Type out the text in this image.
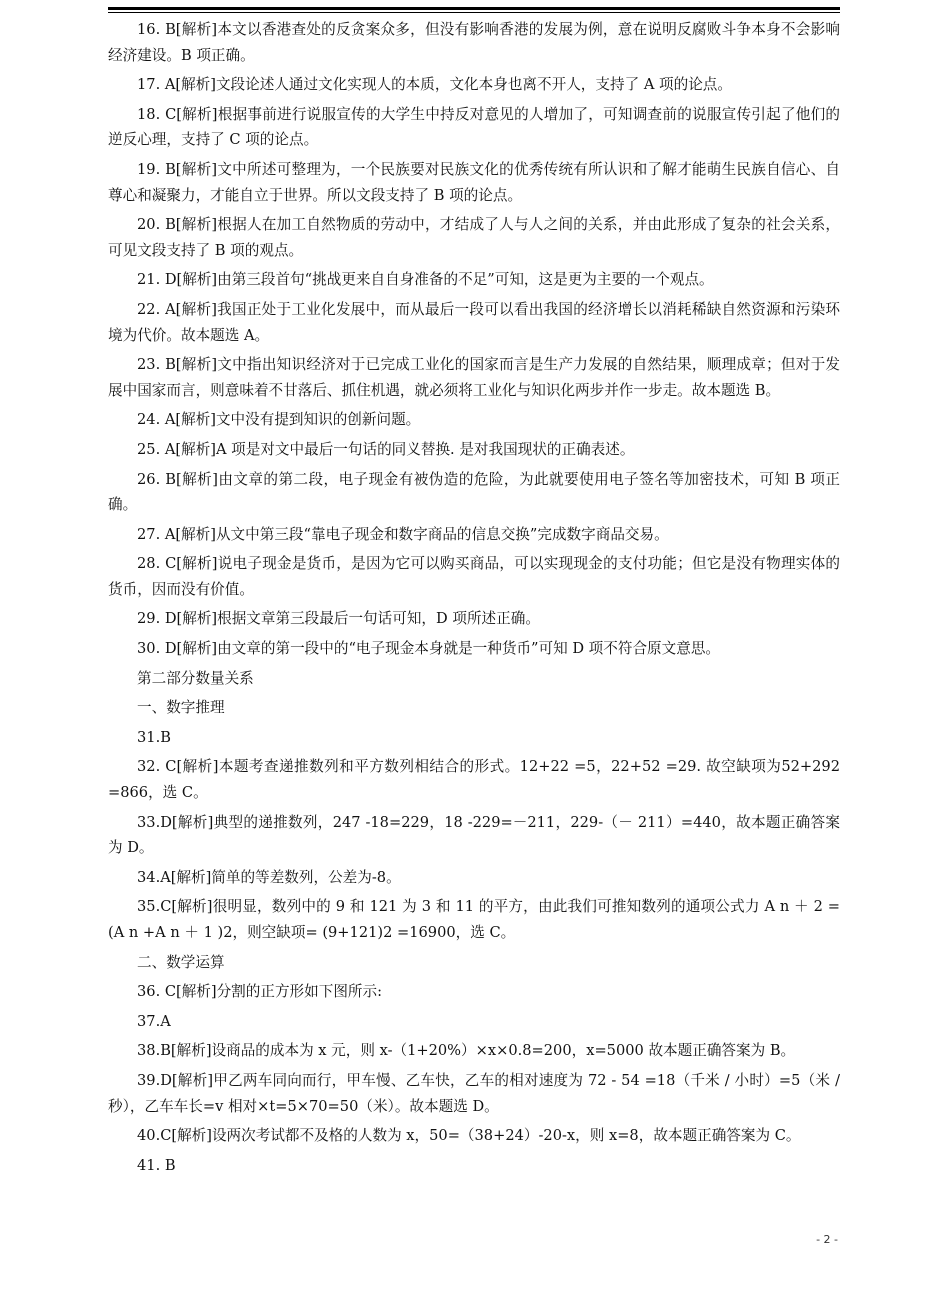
16. B[解析]本文以香港查处的反贪案众多，但没有影响香港的发展为例，意在说明反腐败斗争本身不会影响经济建设。B 项正确。

17. A[解析]文段论述人通过文化实现人的本质，文化本身也离不开人，支持了 A 项的论点。

18. C[解析]根据事前进行说服宣传的大学生中持反对意见的人增加了，可知调查前的说服宣传引起了他们的逆反心理，支持了 C 项的论点。

19. B[解析]文中所述可整理为，一个民族要对民族文化的优秀传统有所认识和了解才能萌生民族自信心、自尊心和凝聚力，才能自立于世界。所以文段支持了 B 项的论点。

20. B[解析]根据人在加工自然物质的劳动中，才结成了人与人之间的关系，并由此形成了复杂的社会关系，可见文段支持了 B 项的观点。

21. D[解析]由第三段首句“挑战更来自自身准备的不足”可知，这是更为主要的一个观点。

22. A[解析]我国正处于工业化发展中，而从最后一段可以看出我国的经济增长以消耗稀缺自然资源和污染环境为代价。故本题选 A。

23. B[解析]文中指出知识经济对于已完成工业化的国家而言是生产力发展的自然结果，顺理成章；但对于发展中国家而言，则意味着不甘落后、抓住机遇，就必须将工业化与知识化两步并作一步走。故本题选 B。

24. A[解析]文中没有提到知识的创新问题。

25. A[解析]A 项是对文中最后一句话的同义替换. 是对我国现状的正确表述。

26. B[解析]由文章的第二段，电子现金有被伪造的危险，为此就要使用电子签名等加密技术，可知 B 项正确。

27. A[解析]从文中第三段“靠电子现金和数字商品的信息交换”完成数字商品交易。

28. C[解析]说电子现金是货币，是因为它可以购买商品，可以实现现金的支付功能；但它是没有物理实体的货币，因而没有价值。

29. D[解析]根据文章第三段最后一句话可知，D 项所述正确。

30. D[解析]由文章的第一段中的“电子现金本身就是一种货币”可知 D 项不符合原文意思。

第二部分数量关系

一、数字推理

31.B

32. C[解析]本题考查递推数列和平方数列相结合的形式。12+22 =5，22+52 =29. 故空缺项为52+292 =866，选 C。

33.D[解析]典型的递推数列，247 -18=229，18 -229=－211，229-（－ 211）=440，故本题正确答案为 D。

34.A[解析]简单的等差数列，公差为-8。

35.C[解析]很明显，数列中的 9 和 121 为 3 和 11 的平方，由此我们可推知数列的通项公式力 A n ＋ 2 =(A n +A n ＋ 1 )2，则空缺项= (9+121)2 =16900，选 C。

二、数学运算

36. C[解析]分割的正方形如下图所示:

37.A

38.B[解析]设商品的成本为 x 元，则 x-（1+20%）×x×0.8=200，x=5000 故本题正确答案为 B。

39.D[解析]甲乙两车同向而行，甲车慢、乙车快，乙车的相对速度为 72 - 54 =18（千米 / 小时）=5（米 / 秒），乙车车长=v 相对×t=5×70=50（米）。故本题选 D。

40.C[解析]设两次考试都不及格的人数为 x，50=（38+24）-20-x，则 x=8，故本题正确答案为 C。

41. B

- 2 -
